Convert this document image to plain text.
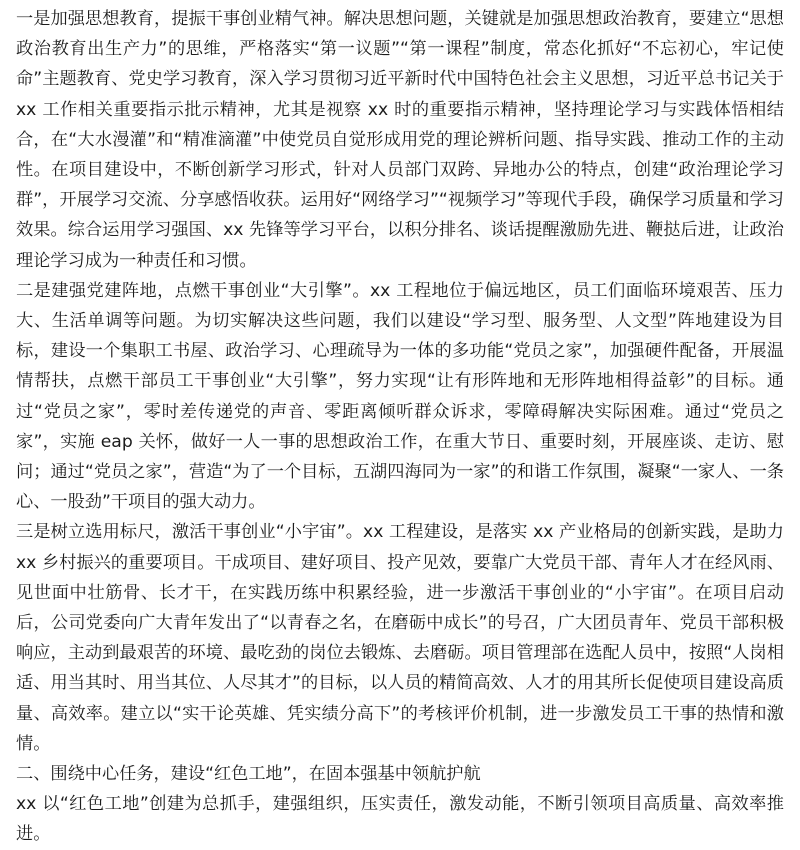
一是加强思想教育，提振干事创业精气神。解决思想问题，关键就是加强思想政治教育，要建立“思想政治教育出生产力”的思维，严格落实“第一议题”“第一课程”制度，常态化抓好“不忘初心，牢记使命”主题教育、党史学习教育，深入学习贯彻习近平新时代中国特色社会主义思想，习近平总书记关于 xx 工作相关重要指示批示精神，尤其是视察 xx 时的重要指示精神，坚持理论学习与实践体悟相结合，在“大水漫灌”和“精准滴灌”中使党员自觉形成用党的理论辨析问题、指导实践、推动工作的主动性。在项目建设中，不断创新学习形式，针对人员部门双跨、异地办公的特点，创建“政治理论学习群”，开展学习交流、分享感悟收获。运用好“网络学习”“视频学习”等现代手段，确保学习质量和学习效果。综合运用学习强国、xx 先锋等学习平台，以积分排名、谈话提醒激励先进、鞭挞后进，让政治理论学习成为一种责任和习惯。

二是建强党建阵地，点燃干事创业“大引擎”。xx 工程地位于偏远地区，员工们面临环境艰苦、压力大、生活单调等问题。为切实解决这些问题，我们以建设“学习型、服务型、人文型”阵地建设为目标，建设一个集职工书屋、政治学习、心理疏导为一体的多功能“党员之家”，加强硬件配备，开展温情帮扶，点燃干部员工干事创业“大引擎”，努力实现“让有形阵地和无形阵地相得益彰”的目标。通过“党员之家”，零时差传递党的声音、零距离倾听群众诉求，零障碍解决实际困难。通过“党员之家”，实施 eap 关怀，做好一人一事的思想政治工作，在重大节日、重要时刻，开展座谈、走访、慰问；通过“党员之家”，营造“为了一个目标，五湖四海同为一家”的和谐工作氛围，凝聚“一家人、一条心、一股劲”干项目的强大动力。

三是树立选用标尺，激活干事创业“小宇宙”。xx 工程建设，是落实 xx 产业格局的创新实践，是助力 xx 乡村振兴的重要项目。干成项目、建好项目、投产见效，要靠广大党员干部、青年人才在经风雨、见世面中壮筋骨、长才干，在实践历练中积累经验，进一步激活干事创业的“小宇宙”。在项目启动后，公司党委向广大青年发出了“以青春之名，在磨砺中成长”的号召，广大团员青年、党员干部积极响应，主动到最艰苦的环境、最吃劲的岗位去锻炼、去磨砺。项目管理部在选配人员中，按照“人岗相适、用当其时、用当其位、人尽其才”的目标，以人员的精简高效、人才的用其所长促使项目建设高质量、高效率。建立以“实干论英雄、凭实绩分高下”的考核评价机制，进一步激发员工干事的热情和激情。

二、围绕中心任务，建设“红色工地”，在固本强基中领航护航

xx 以“红色工地”创建为总抓手，建强组织，压实责任，激发动能，不断引领项目高质量、高效率推进。
